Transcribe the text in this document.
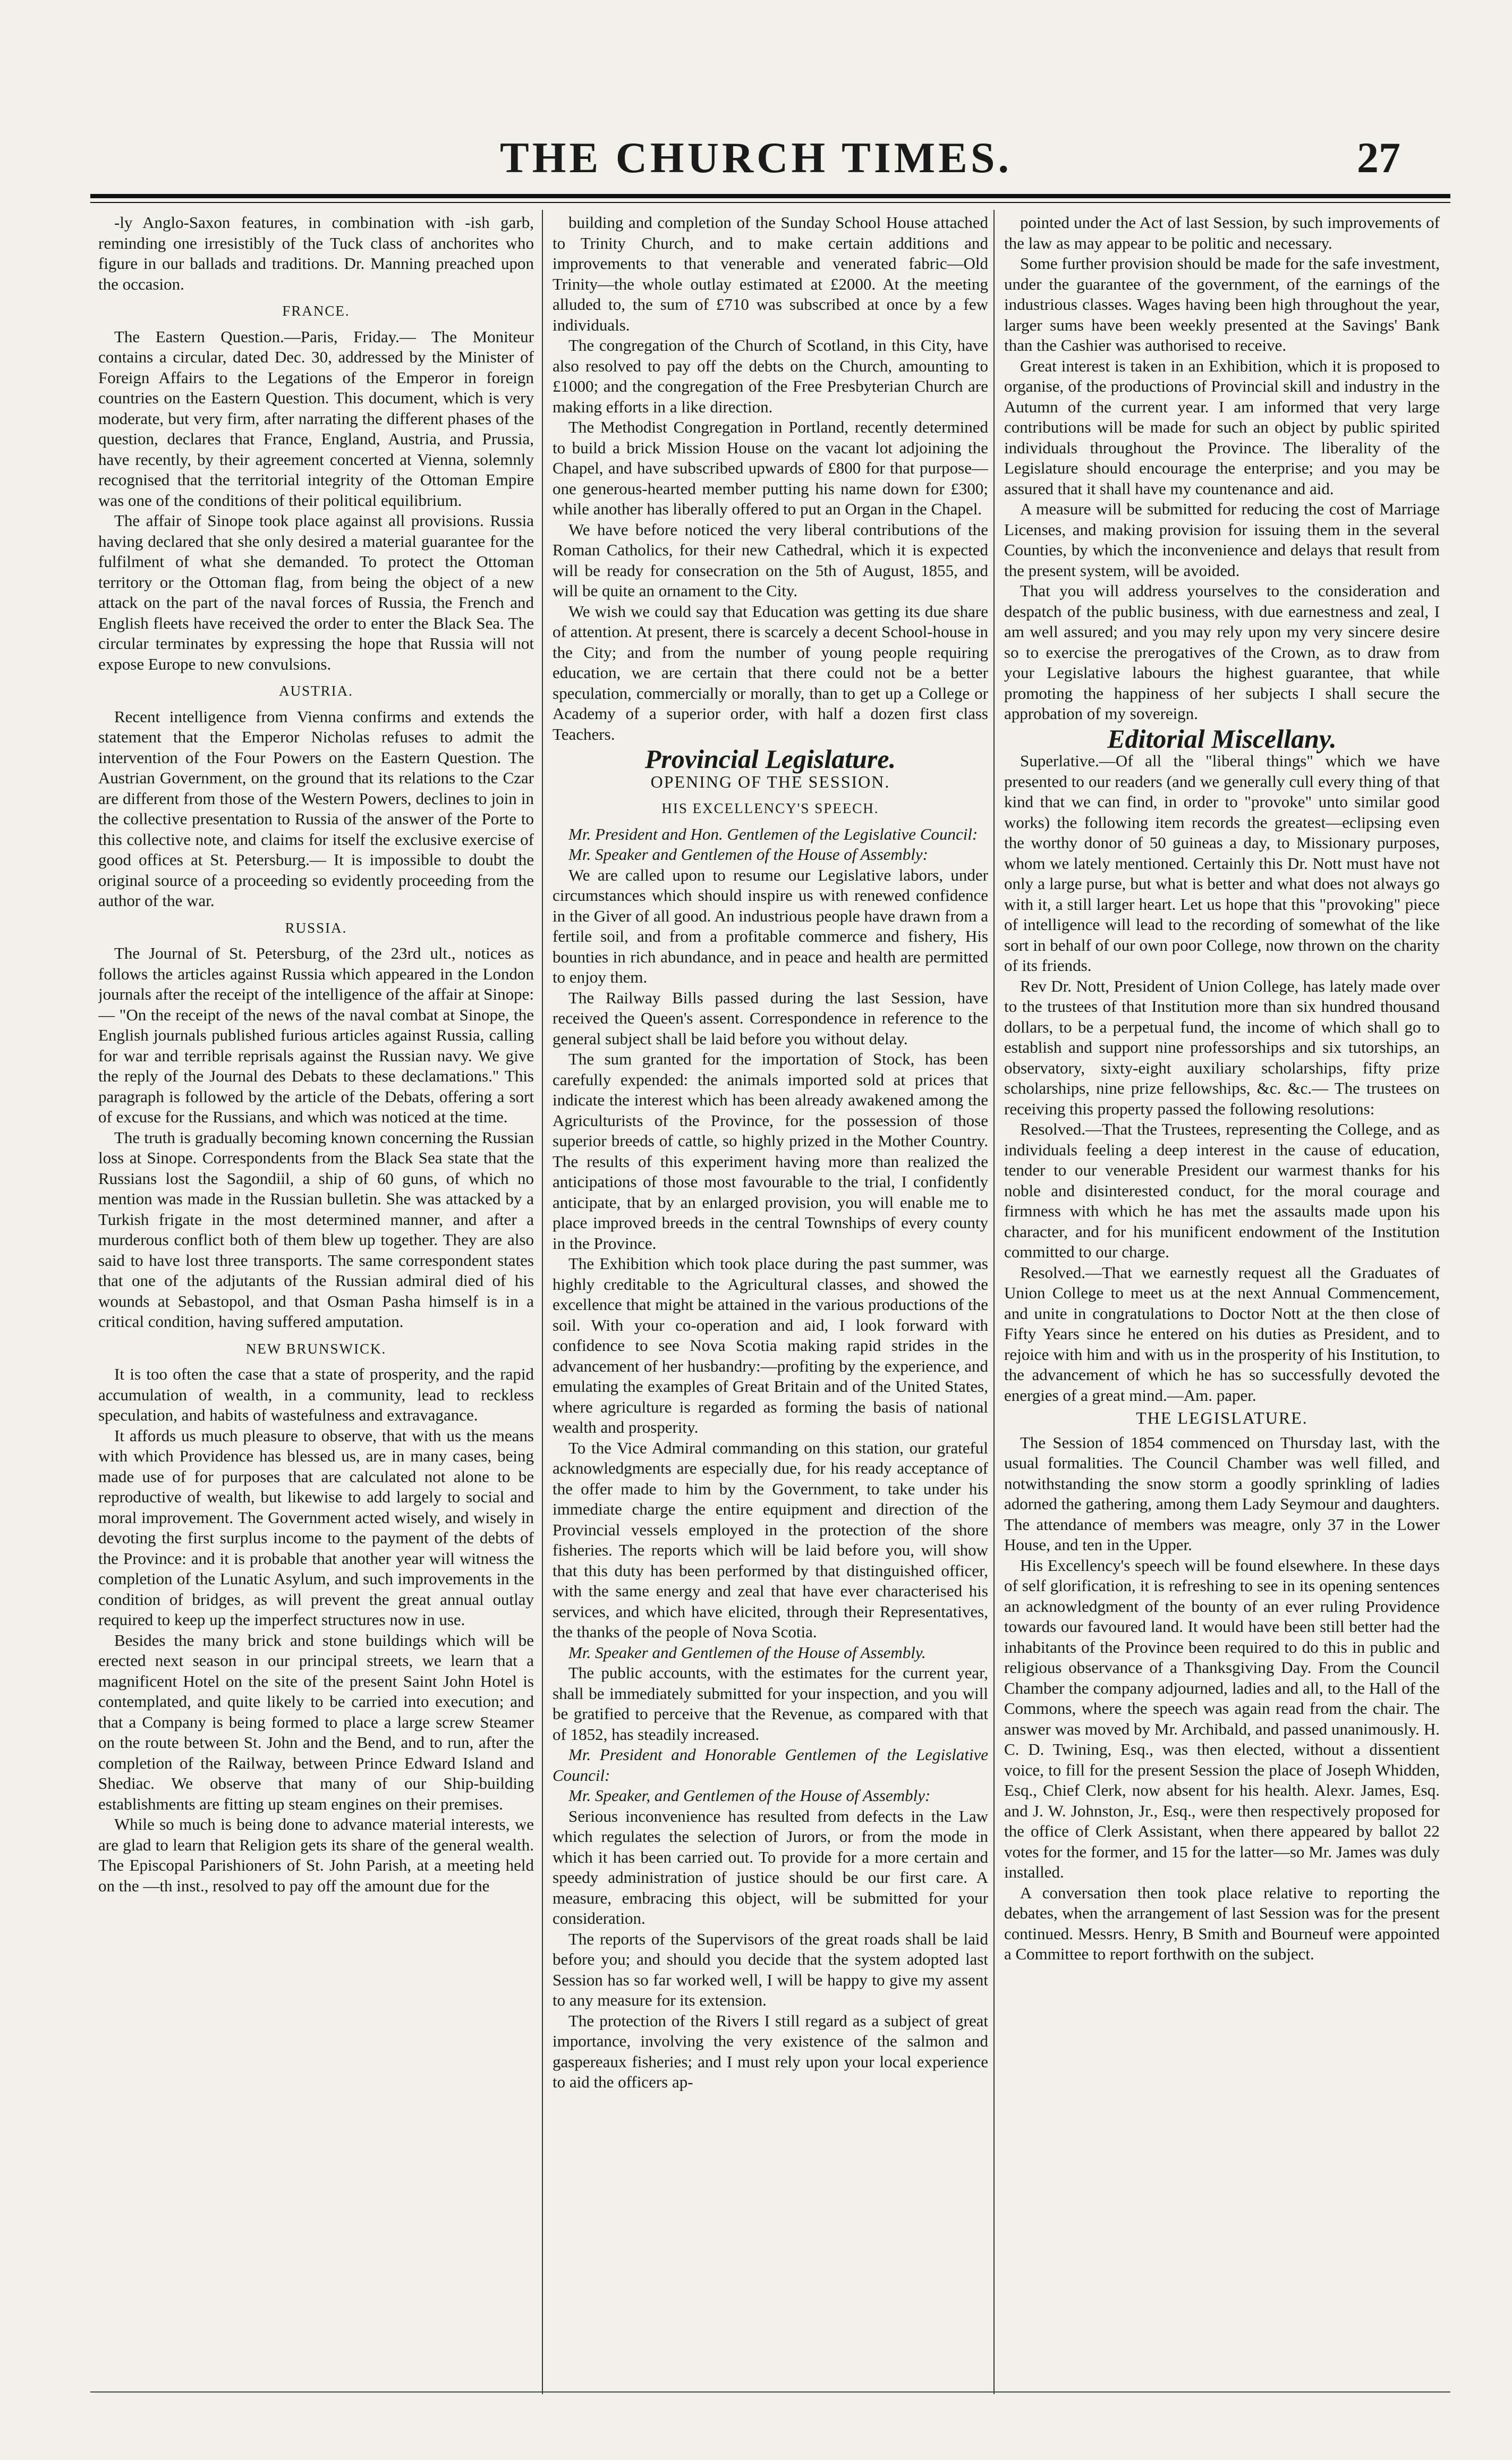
THE CHURCH TIMES.	27

-ly Anglo-Saxon features, in combination with -ish garb, reminding one irresistibly of the Tuck class of anchorites who figure in our ballads and traditions. Dr. Manning preached upon the occasion.

FRANCE.

The Eastern Question.—Paris, Friday.— The Moniteur contains a circular, dated Dec. 30, addressed by the Minister of Foreign Affairs to the Legations of the Emperor in foreign countries on the Eastern Question. This document, which is very moderate, but very firm, after narrating the different phases of the question, declares that France, England, Austria, and Prussia, have recently, by their agreement concerted at Vienna, solemnly recognised that the territorial integrity of the Ottoman Empire was one of the conditions of their political equilibrium.

The affair of Sinope took place against all provisions. Russia having declared that she only desired a material guarantee for the fulfilment of what she demanded. To protect the Ottoman territory or the Ottoman flag, from being the object of a new attack on the part of the naval forces of Russia, the French and English fleets have received the order to enter the Black Sea. The circular terminates by expressing the hope that Russia will not expose Europe to new convulsions.

AUSTRIA.

Recent intelligence from Vienna confirms and extends the statement that the Emperor Nicholas refuses to admit the intervention of the Four Powers on the Eastern Question. The Austrian Government, on the ground that its relations to the Czar are different from those of the Western Powers, declines to join in the collective presentation to Russia of the answer of the Porte to this collective note, and claims for itself the exclusive exercise of good offices at St. Petersburg.— It is impossible to doubt the original source of a proceeding so evidently proceeding from the author of the war.

RUSSIA.

The Journal of St. Petersburg, of the 23rd ult., notices as follows the articles against Russia which appeared in the London journals after the receipt of the intelligence of the affair at Sinope:— "On the receipt of the news of the naval combat at Sinope, the English journals published furious articles against Russia, calling for war and terrible reprisals against the Russian navy. We give the reply of the Journal des Debats to these declamations." This paragraph is followed by the article of the Debats, offering a sort of excuse for the Russians, and which was noticed at the time.

The truth is gradually becoming known concerning the Russian loss at Sinope. Correspondents from the Black Sea state that the Russians lost the Sagondiil, a ship of 60 guns, of which no mention was made in the Russian bulletin. She was attacked by a Turkish frigate in the most determined manner, and after a murderous conflict both of them blew up together. They are also said to have lost three transports. The same correspondent states that one of the adjutants of the Russian admiral died of his wounds at Sebastopol, and that Osman Pasha himself is in a critical condition, having suffered amputation.

NEW BRUNSWICK.

It is too often the case that a state of prosperity, and the rapid accumulation of wealth, in a community, lead to reckless speculation, and habits of wastefulness and extravagance.

It affords us much pleasure to observe, that with us the means with which Providence has blessed us, are in many cases, being made use of for purposes that are calculated not alone to be reproductive of wealth, but likewise to add largely to social and moral improvement. The Government acted wisely, and wisely in devoting the first surplus income to the payment of the debts of the Province: and it is probable that another year will witness the completion of the Lunatic Asylum, and such improvements in the condition of bridges, as will prevent the great annual outlay required to keep up the imperfect structures now in use.

Besides the many brick and stone buildings which will be erected next season in our principal streets, we learn that a magnificent Hotel on the site of the present Saint John Hotel is contemplated, and quite likely to be carried into execution; and that a Company is being formed to place a large screw Steamer on the route between St. John and the Bend, and to run, after the completion of the Railway, between Prince Edward Island and Shediac. We observe that many of our Ship-building establishments are fitting up steam engines on their premises.

While so much is being done to advance material interests, we are glad to learn that Religion gets its share of the general wealth. The Episcopal Parishioners of St. John Parish, at a meeting held on the —th inst., resolved to pay off the amount due for the

building and completion of the Sunday School House attached to Trinity Church, and to make certain additions and improvements to that venerable and venerated fabric—Old Trinity—the whole outlay estimated at £2000. At the meeting alluded to, the sum of £710 was subscribed at once by a few individuals.

The congregation of the Church of Scotland, in this City, have also resolved to pay off the debts on the Church, amounting to £1000; and the congregation of the Free Presbyterian Church are making efforts in a like direction.

The Methodist Congregation in Portland, recently determined to build a brick Mission House on the vacant lot adjoining the Chapel, and have subscribed upwards of £800 for that purpose—one generous-hearted member putting his name down for £300; while another has liberally offered to put an Organ in the Chapel.

We have before noticed the very liberal contributions of the Roman Catholics, for their new Cathedral, which it is expected will be ready for consecration on the 5th of August, 1855, and will be quite an ornament to the City.

We wish we could say that Education was getting its due share of attention. At present, there is scarcely a decent School-house in the City; and from the number of young people requiring education, we are certain that there could not be a better speculation, commercially or morally, than to get up a College or Academy of a superior order, with half a dozen first class Teachers.

Provincial Legislature.

OPENING OF THE SESSION.

HIS EXCELLENCY'S SPEECH.

Mr. President and Hon. Gentlemen of the Legislative Council:

Mr. Speaker and Gentlemen of the House of Assembly:

We are called upon to resume our Legislative labors, under circumstances which should inspire us with renewed confidence in the Giver of all good. An industrious people have drawn from a fertile soil, and from a profitable commerce and fishery, His bounties in rich abundance, and in peace and health are permitted to enjoy them.

The Railway Bills passed during the last Session, have received the Queen's assent. Correspondence in reference to the general subject shall be laid before you without delay.

The sum granted for the importation of Stock, has been carefully expended: the animals imported sold at prices that indicate the interest which has been already awakened among the Agriculturists of the Province, for the possession of those superior breeds of cattle, so highly prized in the Mother Country. The results of this experiment having more than realized the anticipations of those most favourable to the trial, I confidently anticipate, that by an enlarged provision, you will enable me to place improved breeds in the central Townships of every county in the Province.

The Exhibition which took place during the past summer, was highly creditable to the Agricultural classes, and showed the excellence that might be attained in the various productions of the soil. With your co-operation and aid, I look forward with confidence to see Nova Scotia making rapid strides in the advancement of her husbandry:—profiting by the experience, and emulating the examples of Great Britain and of the United States, where agriculture is regarded as forming the basis of national wealth and prosperity.

To the Vice Admiral commanding on this station, our grateful acknowledgments are especially due, for his ready acceptance of the offer made to him by the Government, to take under his immediate charge the entire equipment and direction of the Provincial vessels employed in the protection of the shore fisheries. The reports which will be laid before you, will show that this duty has been performed by that distinguished officer, with the same energy and zeal that have ever characterised his services, and which have elicited, through their Representatives, the thanks of the people of Nova Scotia.

Mr. Speaker and Gentlemen of the House of Assembly.

The public accounts, with the estimates for the current year, shall be immediately submitted for your inspection, and you will be gratified to perceive that the Revenue, as compared with that of 1852, has steadily increased.

Mr. President and Honorable Gentlemen of the Legislative Council:

Mr. Speaker, and Gentlemen of the House of Assembly:

Serious inconvenience has resulted from defects in the Law which regulates the selection of Jurors, or from the mode in which it has been carried out. To provide for a more certain and speedy administration of justice should be our first care. A measure, embracing this object, will be submitted for your consideration.

The reports of the Supervisors of the great roads shall be laid before you; and should you decide that the system adopted last Session has so far worked well, I will be happy to give my assent to any measure for its extension.

The protection of the Rivers I still regard as a subject of great importance, involving the very existence of the salmon and gaspereaux fisheries; and I must rely upon your local experience to aid the officers ap-

pointed under the Act of last Session, by such improvements of the law as may appear to be politic and necessary.

Some further provision should be made for the safe investment, under the guarantee of the government, of the earnings of the industrious classes. Wages having been high throughout the year, larger sums have been weekly presented at the Savings' Bank than the Cashier was authorised to receive.

Great interest is taken in an Exhibition, which it is proposed to organise, of the productions of Provincial skill and industry in the Autumn of the current year. I am informed that very large contributions will be made for such an object by public spirited individuals throughout the Province. The liberality of the Legislature should encourage the enterprise; and you may be assured that it shall have my countenance and aid.

A measure will be submitted for reducing the cost of Marriage Licenses, and making provision for issuing them in the several Counties, by which the inconvenience and delays that result from the present system, will be avoided.

That you will address yourselves to the consideration and despatch of the public business, with due earnestness and zeal, I am well assured; and you may rely upon my very sincere desire so to exercise the prerogatives of the Crown, as to draw from your Legislative labours the highest guarantee, that while promoting the happiness of her subjects I shall secure the approbation of my sovereign.

Editorial Miscellany.

Superlative.—Of all the "liberal things" which we have presented to our readers (and we generally cull every thing of that kind that we can find, in order to "provoke" unto similar good works) the following item records the greatest—eclipsing even the worthy donor of 50 guineas a day, to Missionary purposes, whom we lately mentioned. Certainly this Dr. Nott must have not only a large purse, but what is better and what does not always go with it, a still larger heart. Let us hope that this "provoking" piece of intelligence will lead to the recording of somewhat of the like sort in behalf of our own poor College, now thrown on the charity of its friends.

Rev Dr. Nott, President of Union College, has lately made over to the trustees of that Institution more than six hundred thousand dollars, to be a perpetual fund, the income of which shall go to establish and support nine professorships and six tutorships, an observatory, sixty-eight auxiliary scholarships, fifty prize scholarships, nine prize fellowships, &c. &c.— The trustees on receiving this property passed the following resolutions:

Resolved.—That the Trustees, representing the College, and as individuals feeling a deep interest in the cause of education, tender to our venerable President our warmest thanks for his noble and disinterested conduct, for the moral courage and firmness with which he has met the assaults made upon his character, and for his munificent endowment of the Institution committed to our charge.

Resolved.—That we earnestly request all the Graduates of Union College to meet us at the next Annual Commencement, and unite in congratulations to Doctor Nott at the then close of Fifty Years since he entered on his duties as President, and to rejoice with him and with us in the prosperity of his Institution, to the advancement of which he has so successfully devoted the energies of a great mind.—Am. paper.

THE LEGISLATURE.

The Session of 1854 commenced on Thursday last, with the usual formalities. The Council Chamber was well filled, and notwithstanding the snow storm a goodly sprinkling of ladies adorned the gathering, among them Lady Seymour and daughters. The attendance of members was meagre, only 37 in the Lower House, and ten in the Upper.

His Excellency's speech will be found elsewhere. In these days of self glorification, it is refreshing to see in its opening sentences an acknowledgment of the bounty of an ever ruling Providence towards our favoured land. It would have been still better had the inhabitants of the Province been required to do this in public and religious observance of a Thanksgiving Day. From the Council Chamber the company adjourned, ladies and all, to the Hall of the Commons, where the speech was again read from the chair. The answer was moved by Mr. Archibald, and passed unanimously. H. C. D. Twining, Esq., was then elected, without a dissentient voice, to fill for the present Session the place of Joseph Whidden, Esq., Chief Clerk, now absent for his health. Alexr. James, Esq. and J. W. Johnston, Jr., Esq., were then respectively proposed for the office of Clerk Assistant, when there appeared by ballot 22 votes for the former, and 15 for the latter—so Mr. James was duly installed.

A conversation then took place relative to reporting the debates, when the arrangement of last Session was for the present continued. Messrs. Henry, B Smith and Bourneuf were appointed a Committee to report forthwith on the subject.
